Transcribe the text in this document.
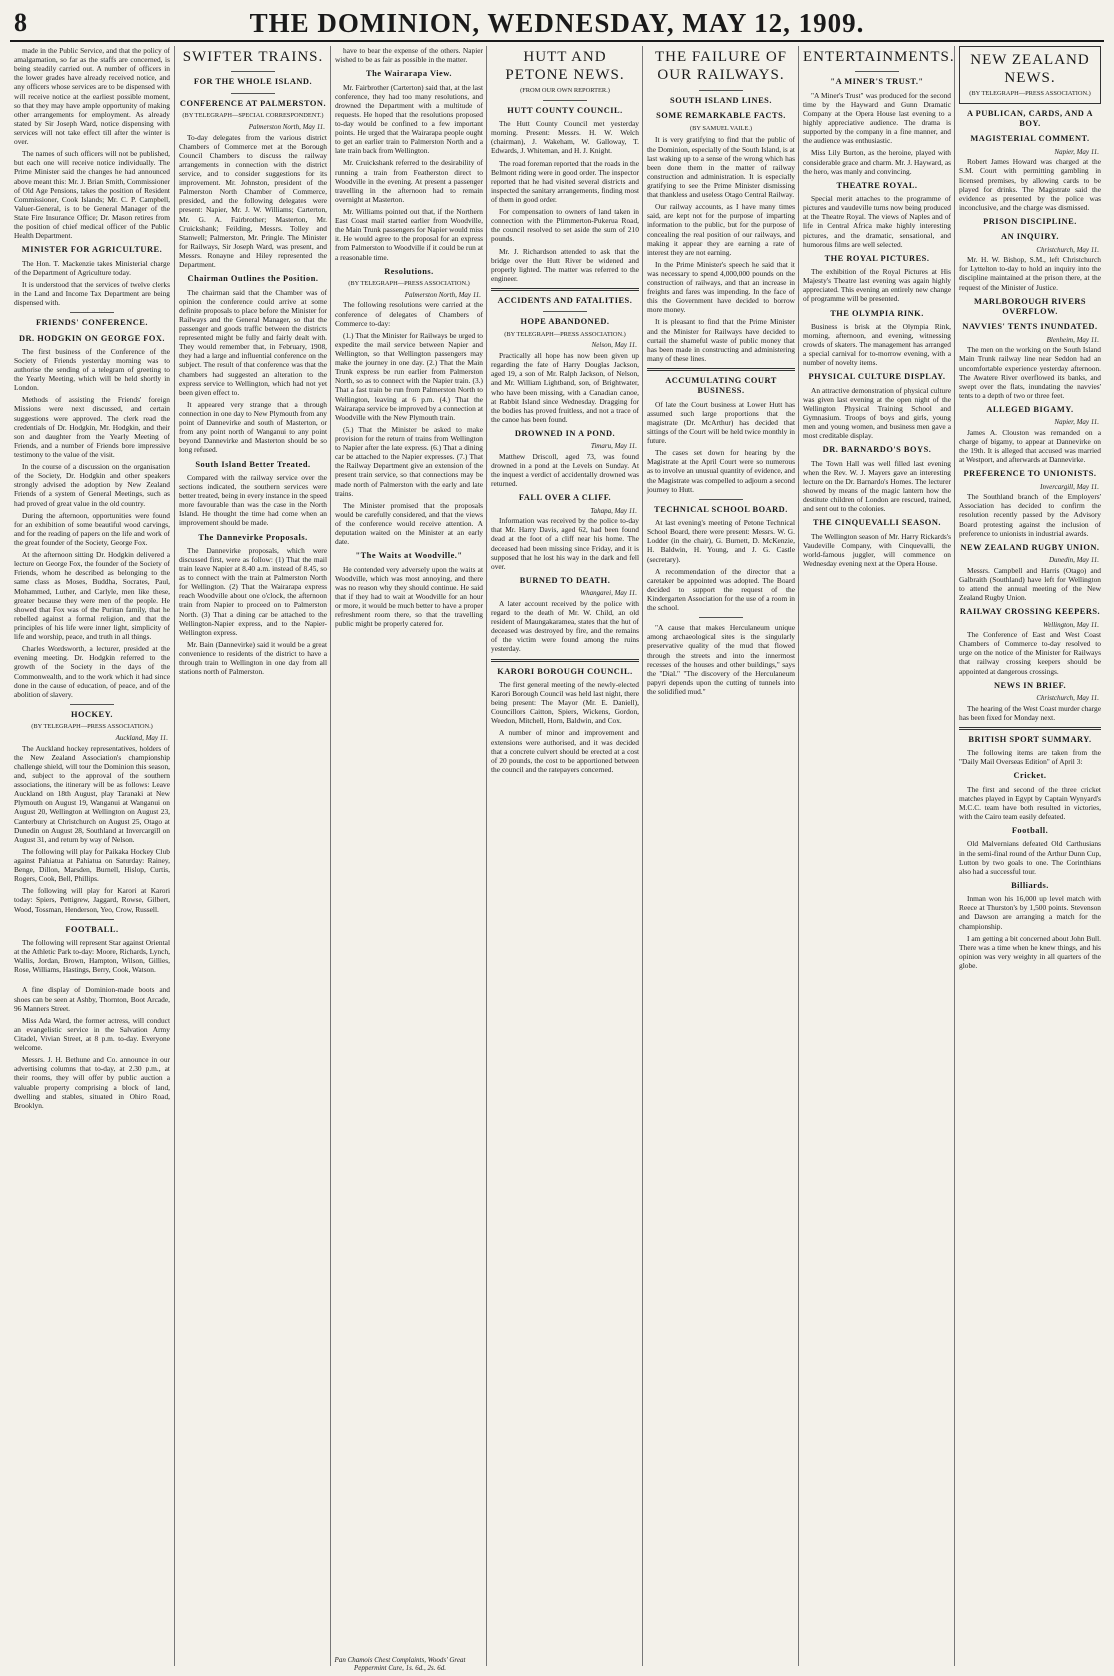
8	THE DOMINION, WEDNESDAY, MAY 12, 1909.

made in the Public Service, and that the policy of amalgamation, so far as the staffs are concerned, is being steadily carried out. A number of officers in the lower grades have already received notice, and any officers whose services are to be dispensed with will receive notice at the earliest possible moment, so that they may have ample opportunity of making other arrangements for employment. As already stated by Sir Joseph Ward, notice dispensing with services will not take effect till after the winter is over.

The names of such officers will not be published, but each one will receive notice individually. The Prime Minister said the changes he had announced above meant this: Mr. J. Brian Smith, Commissioner of Old Age Pensions, takes the position of Resident Commissioner, Cook Islands; Mr. C. P. Campbell, Valuer-General, is to be General Manager of the State Fire Insurance Office; Dr. Mason retires from the position of chief medical officer of the Public Health Department.

MINISTER FOR AGRICULTURE.

The Hon. T. Mackenzie takes Ministerial charge of the Department of Agriculture today.

It is understood that the services of twelve clerks in the Land and Income Tax Department are being dispensed with.

FRIENDS' CONFERENCE.
DR. HODGKIN ON GEORGE FOX.

The first business of the Conference of the Society of Friends yesterday morning was to authorise the sending of a telegram of greeting to the Yearly Meeting, which will be held shortly in London.

Methods of assisting the Friends' foreign Missions were next discussed, and certain suggestions were approved. The clerk read the credentials of Dr. Hodgkin, Mr. Hodgkin, and their son and daughter from the Yearly Meeting of Friends, and a number of Friends bore impressive testimony to the value of the visit.

In the course of a discussion on the organisation of the Society, Dr. Hodgkin and other speakers strongly advised the adoption by New Zealand Friends of a system of General Meetings, such as had proved of great value in the old country.

During the afternoon, opportunities were found for an exhibition of some beautiful wood carvings, and for the reading of papers on the life and work of the great founder of the Society, George Fox.

At the afternoon sitting Dr. Hodgkin delivered a lecture on George Fox, the founder of the Society of Friends, whom he described as belonging to the same class as Moses, Buddha, Socrates, Paul, Mohammed, Luther, and Carlyle, men like these, greater because they were men of the people. He showed that Fox was of the Puritan family, that he rebelled against a formal religion, and that the principles of his life were inner light, simplicity of life and worship, peace, and truth in all things.

Charles Wordsworth, a lecturer, presided at the evening meeting. Dr. Hodgkin referred to the growth of the Society in the days of the Commonwealth, and to the work which it had since done in the cause of education, of peace, and of the abolition of slavery.

HOCKEY.
(BY TELEGRAPH—PRESS ASSOCIATION.)
Auckland, May 11.

The Auckland hockey representatives, holders of the New Zealand Association's championship challenge shield, will tour the Dominion this season, and, subject to the approval of the southern associations, the itinerary will be as follows: Leave Auckland on 18th August, play Taranaki at New Plymouth on August 19, Wanganui at Wanganui on August 20, Wellington at Wellington on August 23, Canterbury at Christchurch on August 25, Otago at Dunedin on August 28, Southland at Invercargill on August 31, and return by way of Nelson.

The following will play for Paikaka Hockey Club against Pahiatua at Pahiatua on Saturday: Rainey, Benge, Dillon, Marsden, Burnell, Hislop, Curtis, Rogers, Cook, Bell, Phillips.

The following will play for Karori at Karori today: Spiers, Pettigrew, Jaggard, Rowse, Gilbert, Wood, Tossman, Henderson, Yeo, Crow, Russell.

FOOTBALL.

The following will represent Star against Oriental at the Athletic Park to-day: Moore, Richards, Lynch, Wallis, Jordan, Brown, Hampton, Wilson, Gillies, Rose, Williams, Hastings, Berry, Cook, Watson.

A fine display of Dominion-made boots and shoes can be seen at Ashby, Thornton, Boot Arcade, 96 Manners Street.

Miss Ada Ward, the former actress, will conduct an evangelistic service in the Salvation Army Citadel, Vivian Street, at 8 p.m. to-day. Everyone welcome.

Messrs. J. H. Bethune and Co. announce in our advertising columns that to-day, at 2.30 p.m., at their rooms, they will offer by public auction a valuable property comprising a block of land, dwelling and stables, situated in Ohiro Road, Brooklyn.

SWIFTER TRAINS.
FOR THE WHOLE ISLAND.
CONFERENCE AT PALMERSTON.
(BY TELEGRAPH—SPECIAL CORRESPONDENT.)
Palmerston North, May 11.

To-day delegates from the various district Chambers of Commerce met at the Borough Council Chambers to discuss the railway arrangements in connection with the district service, and to consider suggestions for its improvement. Mr. Johnston, president of the Palmerston North Chamber of Commerce, presided, and the following delegates were present: Napier, Mr. J. W. Williams; Carterton, Mr. G. A. Fairbrother; Masterton, Mr. Cruickshank; Feilding, Messrs. Tolley and Stanwell; Palmerston, Mr. Pringle. The Minister for Railways, Sir Joseph Ward, was present, and Messrs. Ronayne and Hiley represented the Department.

Chairman Outlines the Position.

The chairman said that the Chamber was of opinion the conference could arrive at some definite proposals to place before the Minister for Railways and the General Manager, so that the passenger and goods traffic between the districts represented might be fully and fairly dealt with. They would remember that, in February, 1908, they had a large and influential conference on the subject. The result of that conference was that the chambers had suggested an alteration to the express service to Wellington, which had not yet been given effect to.

It appeared very strange that a through connection in one day to New Plymouth from any point of Dannevirke and south of Masterton, or from any point north of Wanganui to any point beyond Dannevirke and Masterton should be so long refused.

South Island Better Treated.

Compared with the railway service over the sections indicated, the southern services were better treated, being in every instance in the speed more favourable than was the case in the North Island. He thought the time had come when an improvement should be made.

The Dannevirke Proposals.

The Dannevirke proposals, which were discussed first, were as follow: (1) That the mail train leave Napier at 8.40 a.m. instead of 8.45, so as to connect with the train at Palmerston North for Wellington. (2) That the Wairarapa express reach Woodville about one o'clock, the afternoon train from Napier to proceed on to Palmerston North. (3) That a dining car be attached to the Wellington-Napier express, and to the Napier-Wellington express.

Mr. Bain (Dannevirke) said it would be a great convenience to residents of the district to have a through train to Wellington in one day from all stations north of Palmerston.

have to bear the expense of the others. Napier wished to be as fair as possible in the matter.

The Wairarapa View.

Mr. Fairbrother (Carterton) said that, at the last conference, they had too many resolutions, and drowned the Department with a multitude of requests. He hoped that the resolutions proposed to-day would be confined to a few important points. He urged that the Wairarapa people ought to get an earlier train to Palmerston North and a late train back from Wellington.

Mr. Cruickshank referred to the desirability of running a train from Featherston direct to Woodville in the evening. At present a passenger travelling in the afternoon had to remain overnight at Masterton.

Mr. Williams pointed out that, if the Northern East Coast mail started earlier from Woodville, the Main Trunk passengers for Napier would miss it. He would agree to the proposal for an express from Palmerston to Woodville if it could be run at a reasonable time.

Resolutions.
(BY TELEGRAPH—PRESS ASSOCIATION.)
Palmerston North, May 11.

The following resolutions were carried at the conference of delegates of Chambers of Commerce to-day:

(1.) That the Minister for Railways be urged to expedite the mail service between Napier and Wellington, so that Wellington passengers may make the journey in one day. (2.) That the Main Trunk express be run earlier from Palmerston North, so as to connect with the Napier train. (3.) That a fast train be run from Palmerston North to Wellington, leaving at 6 p.m. (4.) That the Wairarapa service be improved by a connection at Woodville with the New Plymouth train.

(5.) That the Minister be asked to make provision for the return of trains from Wellington to Napier after the late express. (6.) That a dining car be attached to the Napier expresses. (7.) That the Railway Department give an extension of the present train service, so that connections may be made north of Palmerston with the early and late trains.

The Minister promised that the proposals would be carefully considered, and that the views of the conference would receive attention. A deputation waited on the Minister at an early date.

"The Waits at Woodville."

He contended very adversely upon the waits at Woodville, which was most annoying, and there was no reason why they should continue. He said that if they had to wait at Woodville for an hour or more, it would be much better to have a proper refreshment room there, so that the travelling public might be properly catered for.

HUTT AND PETONE NEWS.
(FROM OUR OWN REPORTER.)
HUTT COUNTY COUNCIL.

The Hutt County Council met yesterday morning. Present: Messrs. H. W. Welch (chairman), J. Wakeham, W. Galloway, T. Edwards, J. Whiteman, and H. J. Knight.

The road foreman reported that the roads in the Belmont riding were in good order. The inspector reported that he had visited several districts and inspected the sanitary arrangements, finding most of them in good order.

For compensation to owners of land taken in connection with the Plimmerton-Pukerua Road, the council resolved to set aside the sum of 210 pounds.

Mr. J. Richardson attended to ask that the bridge over the Hutt River be widened and properly lighted. The matter was referred to the engineer.

ACCIDENTS AND FATALITIES.
HOPE ABANDONED.
(BY TELEGRAPH—PRESS ASSOCIATION.)
Nelson, May 11.

Practically all hope has now been given up regarding the fate of Harry Douglas Jackson, aged 19, a son of Mr. Ralph Jackson, of Nelson, and Mr. William Lightband, son, of Brightwater, who have been missing, with a Canadian canoe, at Rabbit Island since Wednesday. Dragging for the bodies has proved fruitless, and not a trace of the canoe has been found.

DROWNED IN A POND.
Timaru, May 11.

Matthew Driscoll, aged 73, was found drowned in a pond at the Levels on Sunday. At the inquest a verdict of accidentally drowned was returned.

FALL OVER A CLIFF.
Tahapa, May 11.

Information was received by the police to-day that Mr. Harry Davis, aged 62, had been found dead at the foot of a cliff near his home. The deceased had been missing since Friday, and it is supposed that he lost his way in the dark and fell over.

BURNED TO DEATH.
Whangarei, May 11.

A later account received by the police with regard to the death of Mr. W. Child, an old resident of Maungakaramea, states that the hut of deceased was destroyed by fire, and the remains of the victim were found among the ruins yesterday.

KARORI BOROUGH COUNCIL.

The first general meeting of the newly-elected Karori Borough Council was held last night, there being present: The Mayor (Mr. E. Daniell), Councillors Caitton, Spiers, Wickens, Gordon, Weedon, Mitchell, Horn, Baldwin, and Cox.

A number of minor and improvement and extensions were authorised, and it was decided that a concrete culvert should be erected at a cost of 20 pounds, the cost to be apportioned between the council and the ratepayers concerned.

THE FAILURE OF OUR RAILWAYS.
SOUTH ISLAND LINES.
SOME REMARKABLE FACTS.
(BY SAMUEL VAILE.)

It is very gratifying to find that the public of the Dominion, especially of the South Island, is at last waking up to a sense of the wrong which has been done them in the matter of railway construction and administration. It is especially gratifying to see the Prime Minister dismissing that thankless and useless Otago Central Railway.

Our railway accounts, as I have many times said, are kept not for the purpose of imparting information to the public, but for the purpose of concealing the real position of our railways, and making it appear they are earning a rate of interest they are not earning.

In the Prime Minister's speech he said that it was necessary to spend 4,000,000 pounds on the construction of railways, and that an increase in freights and fares was impending. In the face of this the Government have decided to borrow more money.

It is pleasant to find that the Prime Minister and the Minister for Railways have decided to curtail the shameful waste of public money that has been made in constructing and administering many of these lines.

ACCUMULATING COURT BUSINESS.

Of late the Court business at Lower Hutt has assumed such large proportions that the magistrate (Dr. McArthur) has decided that sittings of the Court will be held twice monthly in future.

The cases set down for hearing by the Magistrate at the April Court were so numerous as to involve an unusual quantity of evidence, and the Magistrate was compelled to adjourn a second journey to Hutt.

TECHNICAL SCHOOL BOARD.

At last evening's meeting of Petone Technical School Board, there were present: Messrs. W. G. Lodder (in the chair), G. Burnett, D. McKenzie, H. Baldwin, H. Young, and J. G. Castle (secretary).

A recommendation of the director that a caretaker be appointed was adopted. The Board decided to support the request of the Kindergarten Association for the use of a room in the school.

"A cause that makes Herculaneum unique among archaeological sites is the singularly preservative quality of the mud that flowed through the streets and into the innermost recesses of the houses and other buildings," says the "Dial." "The discovery of the Herculaneum papyri depends upon the cutting of tunnels into the solidified mud."

ENTERTAINMENTS.
"A MINER'S TRUST."

"A Miner's Trust" was produced for the second time by the Hayward and Gunn Dramatic Company at the Opera House last evening to a highly appreciative audience. The drama is supported by the company in a fine manner, and the audience was enthusiastic.

Miss Lily Burton, as the heroine, played with considerable grace and charm. Mr. J. Hayward, as the hero, was manly and convincing.

THEATRE ROYAL.

Special merit attaches to the programme of pictures and vaudeville turns now being produced at the Theatre Royal. The views of Naples and of life in Central Africa make highly interesting pictures, and the dramatic, sensational, and humorous films are well selected.

THE ROYAL PICTURES.

The exhibition of the Royal Pictures at His Majesty's Theatre last evening was again highly appreciated. This evening an entirely new change of programme will be presented.

THE OLYMPIA RINK.

Business is brisk at the Olympia Rink, morning, afternoon, and evening, witnessing crowds of skaters. The management has arranged a special carnival for to-morrow evening, with a number of novelty items.

PHYSICAL CULTURE DISPLAY.

An attractive demonstration of physical culture was given last evening at the open night of the Wellington Physical Training School and Gymnasium. Troops of boys and girls, young men and young women, and business men gave a most creditable display.

DR. BARNARDO'S BOYS.

The Town Hall was well filled last evening when the Rev. W. J. Mayers gave an interesting lecture on the Dr. Barnardo's Homes. The lecturer showed by means of the magic lantern how the destitute children of London are rescued, trained, and sent out to the colonies.

THE CINQUEVALLI SEASON.

The Wellington season of Mr. Harry Rickards's Vaudeville Company, with Cinquevalli, the world-famous juggler, will commence on Wednesday evening next at the Opera House.

NEW ZEALAND NEWS.
(BY TELEGRAPH—PRESS ASSOCIATION.)
A PUBLICAN, CARDS, AND A BOY.
MAGISTERIAL COMMENT.
Napier, May 11.

Robert James Howard was charged at the S.M. Court with permitting gambling in licensed premises, by allowing cards to be played for drinks. The Magistrate said the evidence as presented by the police was inconclusive, and the charge was dismissed.

PRISON DISCIPLINE.
AN INQUIRY.
Christchurch, May 11.

Mr. H. W. Bishop, S.M., left Christchurch for Lyttelton to-day to hold an inquiry into the discipline maintained at the prison there, at the request of the Minister of Justice.

MARLBOROUGH RIVERS OVERFLOW.
NAVVIES' TENTS INUNDATED.
Blenheim, May 11.

The men on the working on the South Island Main Trunk railway line near Seddon had an uncomfortable experience yesterday afternoon. The Awatere River overflowed its banks, and swept over the flats, inundating the navvies' tents to a depth of two or three feet.

ALLEGED BIGAMY.
Napier, May 11.

James A. Clouston was remanded on a charge of bigamy, to appear at Dannevirke on the 19th. It is alleged that accused was married at Westport, and afterwards at Dannevirke.

PREFERENCE TO UNIONISTS.
Invercargill, May 11.

The Southland branch of the Employers' Association has decided to confirm the resolution recently passed by the Advisory Board protesting against the inclusion of preference to unionists in industrial awards.

NEW ZEALAND RUGBY UNION.
Dunedin, May 11.

Messrs. Campbell and Harris (Otago) and Galbraith (Southland) have left for Wellington to attend the annual meeting of the New Zealand Rugby Union.

RAILWAY CROSSING KEEPERS.
Wellington, May 11.

The Conference of East and West Coast Chambers of Commerce to-day resolved to urge on the notice of the Minister for Railways that railway crossing keepers should be appointed at dangerous crossings.

NEWS IN BRIEF.
Christchurch, May 11.

The hearing of the West Coast murder charge has been fixed for Monday next.

BRITISH SPORT SUMMARY.

The following items are taken from the "Daily Mail Overseas Edition" of April 3:

Cricket.

The first and second of the three cricket matches played in Egypt by Captain Wynyard's M.C.C. team have both resulted in victories, with the Cairo team easily defeated.

Football.

Old Malvernians defeated Old Carthusians in the semi-final round of the Arthur Dunn Cup, Lutton by two goals to one. The Corinthians also had a successful tour.

Billiards.

Inman won his 16,000 up level match with Reece at Thurston's by 1,500 points. Stevenson and Dawson are arranging a match for the championship.

I am getting a bit concerned about John Bull. There was a time when he knew things, and his opinion was very weighty in all quarters of the globe.

Pan Chamois Chest Complaints, Woods' Great Peppermint Cure, 1s. 6d., 2s. 6d.
